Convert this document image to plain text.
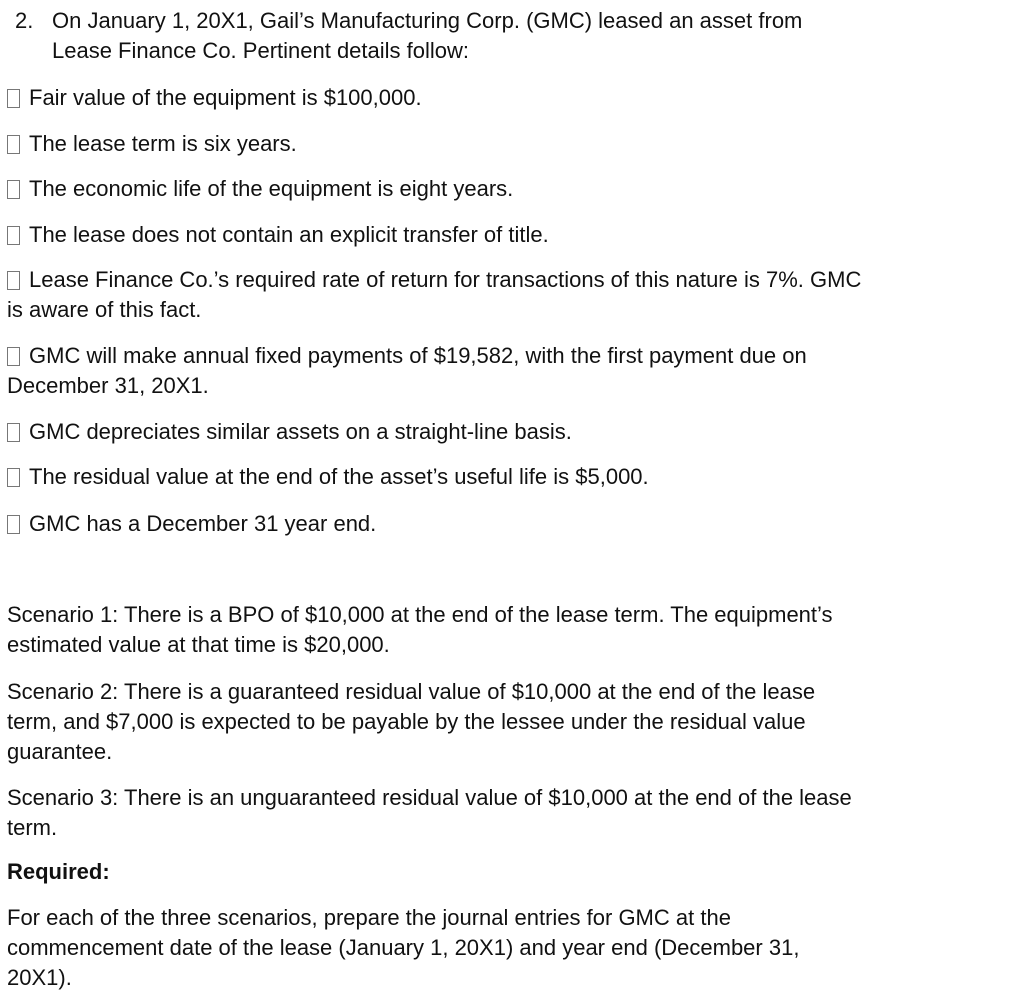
2. On January 1, 20X1, Gail’s Manufacturing Corp. (GMC) leased an asset from
Lease Finance Co. Pertinent details follow:
Fair value of the equipment is $100,000.
The lease term is six years.
The economic life of the equipment is eight years.
The lease does not contain an explicit transfer of title.
Lease Finance Co.’s required rate of return for transactions of this nature is 7%. GMC
is aware of this fact.
GMC will make annual fixed payments of $19,582, with the first payment due on
December 31, 20X1.
GMC depreciates similar assets on a straight-line basis.
The residual value at the end of the asset’s useful life is $5,000.
GMC has a December 31 year end.
Scenario 1: There is a BPO of $10,000 at the end of the lease term. The equipment’s
estimated value at that time is $20,000.
Scenario 2: There is a guaranteed residual value of $10,000 at the end of the lease
term, and $7,000 is expected to be payable by the lessee under the residual value
guarantee.
Scenario 3: There is an unguaranteed residual value of $10,000 at the end of the lease
term.
Required:
For each of the three scenarios, prepare the journal entries for GMC at the
commencement date of the lease (January 1, 20X1) and year end (December 31,
20X1).
